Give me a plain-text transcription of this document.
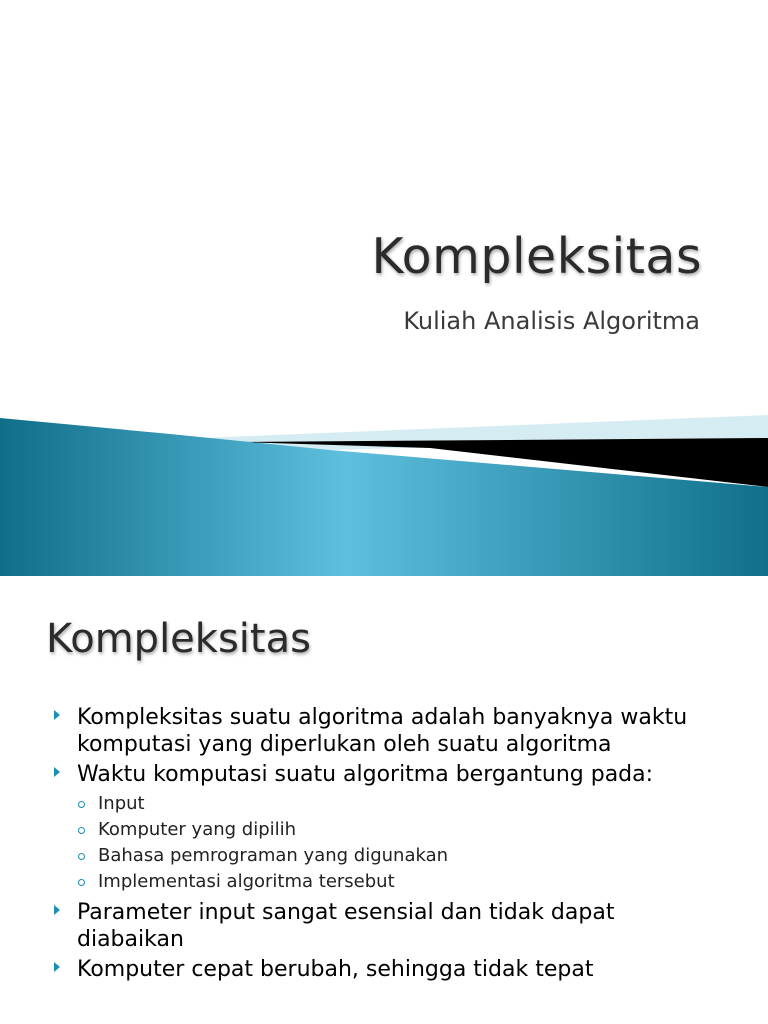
Kompleksitas
Kuliah Analisis Algoritma
Kompleksitas
Kompleksitas suatu algoritma adalah banyaknya waktu komputasi yang diperlukan oleh suatu algoritma
Waktu komputasi suatu algoritma bergantung pada:
Input
Komputer yang dipilih
Bahasa pemrograman yang digunakan
Implementasi algoritma tersebut
Parameter input sangat esensial dan tidak dapat diabaikan
Komputer cepat berubah, sehingga tidak tepat
